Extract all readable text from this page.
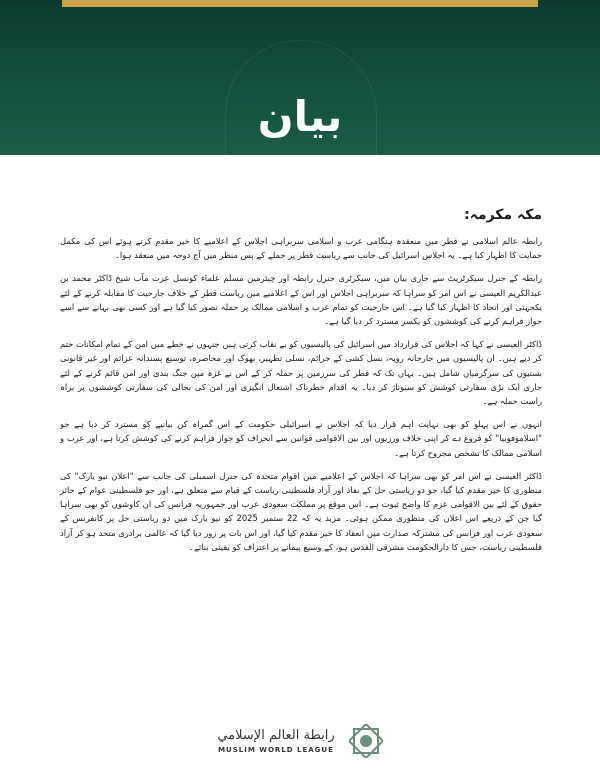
بیان

مکہ مکرمہ:

رابطہ عالم اسلامی نے قطر میں منعقدہ ہنگامی عرب و اسلامی سربراہی اجلاس کے اعلامیے کا خیر مقدم کرتے ہوئے اس کی مکمل حمایت کا اظہار کیا ہے۔ یہ اجلاس اسرائیل کی جانب سے ریاست قطر پر حملے کے پس منظر میں آج دوحہ میں منعقد ہوا۔

رابطہ کے جنرل سیکرٹریٹ سے جاری بیان میں، سیکرٹری جنرل رابطہ اور چیئرمین مسلم علماء کونسل عزت مآب شیخ ڈاکٹر محمد بن عبدالکریم العیسی نے اس امر کو سراہا کہ سربراہی اجلاس اور اس کے اعلامیے میں ریاست قطر کے خلاف جارحیت کا مقابلہ کرنے کے لئے یکجہتی اور اتحاد کا اظہار کیا گیا ہے۔ اس جارحیت کو تمام عرب و اسلامی ممالک پر حملہ تصور کیا گیا ہے اور کسی بھی بہانے سے اسے جواز فراہم کرنے کی کوششوں کو یکسر مسترد کر دیا گیا ہے۔

ڈاکٹر العیسی نے کہا کہ اجلاس کی قرارداد میں اسرائیل کی پالیسیوں کو بے نقاب کرتی ہیں جنہوں نے خطے میں امن کے تمام امکانات ختم کر دیے ہیں۔ ان پالیسیوں میں جارحانہ رویہ، نسل کشی کے جرائم، نسلی تطہیر، بھوک اور محاصرہ، توسیع پسندانہ عزائم اور غیر قانونی بستیوں کی سرگرمیاں شامل ہیں۔ یہاں تک کہ قطر کی سرزمین پر حملہ کر کے اس نے غزہ میں جنگ بندی اور امن قائم کرنے کے لئے جاری ایک بڑی سفارتی کوشش کو سبوتاژ کر دیا۔ یہ اقدام خطرناک اشتعال انگیزی اور امن کی بحالی کی سفارتی کوششوں پر براہ راست حملہ ہے۔

انہوں نے اس پہلو کو بھی نہایت اہم قرار دیا کہ اجلاس نے اسرائیلی حکومت کے اس گمراہ کن بیانیے کو مسترد کر دیا ہے جو "اسلاموفوبیا" کو فروغ دے کر اپنی خلاف ورزیوں اور بین الاقوامی قوانین سے انحراف کو جواز فراہم کرنے کی کوشش کرتا ہے، اور عرب و اسلامی ممالک کا تشخص مجروح کرتا ہے۔

ڈاکٹر العیسی نے اس امر کو بھی سراہا کہ اجلاس کے اعلامیے میں اقوام متحدہ کی جنرل اسمبلی کی جانب سے "اعلان نیو یارک" کی منظوری کا خیر مقدم کیا گیا، جو دو ریاستی حل کے نفاذ اور آزاد فلسطینی ریاست کے قیام سے متعلق ہے، اور جو فلسطینی عوام کے جائز حقوق کے لئے بین الاقوامی عزم کا واضح ثبوت ہے۔ اس موقع پر مملکت سعودی عرب اور جمہوریہ فرانس کی ان کاوشوں کو بھی سراہا گیا جن کے ذریعے اس اعلان کی منظوری ممکن ہوئی۔ مزید یہ کہ 22 ستمبر 2025 کو نیو یارک میں دو ریاستی حل پر کانفرنس کے سعودی عرب اور فرانس کی مشترکہ صدارت میں انعقاد کا خیر مقدم کیا گیا، اور اس بات پر زور دیا گیا کہ عالمی برادری متحد ہو کر آزاد فلسطینی ریاست، جس کا دارالحکومت مشرقی القدس ہو، کے وسیع پیمانے پر اعتراف کو یقینی بنائے۔

رابطة العالم الإسلامي
MUSLIM WORLD LEAGUE
